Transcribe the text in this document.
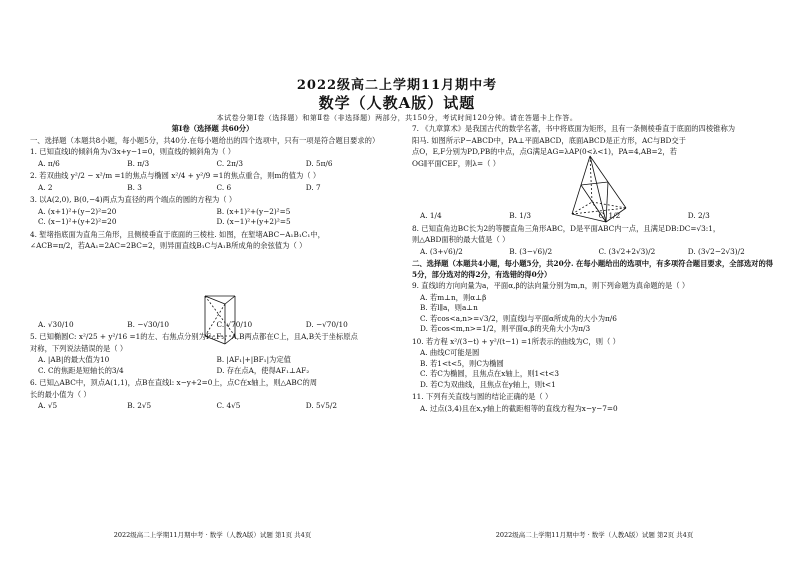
2022级高二上学期11月期中考
数学（人教A版）试题
本试卷分第Ⅰ卷（选择题）和第Ⅱ卷（非选择题）两部分，共150分，考试时间120分钟。请在答题卡上作答。
第Ⅰ卷（选择题 共60分）
一、选择题（本题共8小题，每小题5分，共40分.在每小题给出的四个选项中，只有一项是符合题目要求的）
1. 已知直线l的倾斜角为√3x+y−1=0，则直线的倾斜角为（ ）
A. π/6	B. π/3	C. 2π/3	D. 5π/6
2. 若双曲线 y²/2 − x²/m =1的焦点与椭圆 x²/4 + y²/9 =1的焦点重合，则m的值为（ ）
A. 2	B. 3	C. 6	D. 7
3. 以A(2,0), B(0,−4)两点为直径的两个端点的圆的方程为（ ）
A. (x+1)²+(y−2)²=20	B. (x+1)²+(y−2)²=5
C. (x−1)²+(y+2)²=20	D. (x−1)²+(y+2)²=5
4. 堑堵指底面为直角三角形，且侧棱垂直于底面的三棱柱. 如图，在堑堵ABC−A₁B₁C₁中，
∠ACB=π/2，若AA₁=2AC=2BC=2，则异面直线B₁C与A₁B所成角的余弦值为（ ）
A. √30/10	B. −√30/10	C. √70/10	D. −√70/10
5. 已知椭圆C: x²/25 + y²/16 =1的左、右焦点分别为F₁,F₂，A,B两点都在C上，且A,B关于坐标原点
对称，下列说法错误的是（ ）
A. |AB|的最大值为10	B. |AF₁|+|BF₁|为定值
C. C的焦距是短轴长的3/4	D. 存在点A，使得AF₁⊥AF₂
6. 已知△ABC中，顶点A(1,1)，点B在直线l: x−y+2=0上，点C在x轴上，则△ABC的周
长的最小值为（ ）
A. √5	B. 2√5	C. 4√5	D. 5√5/2
7. 《九章算术》是我国古代的数学名著，书中将底面为矩形，且有一条侧棱垂直于底面的四棱锥称为
阳马. 如图所示P−ABCD中，PA⊥平面ABCD，底面ABCD是正方形，AC与BD交于
点O，E,F分别为PD,PB的中点，点G满足AG=λAP(0<λ<1)，PA=4,AB=2，若
OG∥平面CEF，则λ=（ ）
A. 1/4	B. 1/3	C. 1/2	D. 2/3
8. 已知直角边BC长为2的等腰直角三角形ABC，D是平面ABC内一点，且满足DB:DC=√3:1，
则△ABD面积的最大值是（ ）
A. (3+√6)/2	B. (3−√6)/2	C. (3√2+2√3)/2	D. (3√2−2√3)/2
二、选择题（本题共4小题，每小题5分，共20分. 在每小题给出的选项中，有多项符合题目要求，全部选对的得5分，部分选对的得2分，有选错的得0分）
9. 直线l的方向向量为a，平面α,β的法向量分别为m,n，则下列命题为真命题的是（ ）
A. 若m⊥n，则α⊥β
B. 若l∥a，则a⊥n
C. 若cos<a,n>=√3/2，则直线l与平面α所成角的大小为π/6
D. 若cos<m,n>=1/2，则平面α,β的夹角大小为π/3
10. 若方程 x²/(3−t) + y²/(t−1) =1所表示的曲线为C，则（ ）
A. 曲线C可能是圆
B. 若1<t<5，则C为椭圆
C. 若C为椭圆，且焦点在x轴上，则1<t<3
D. 若C为双曲线，且焦点在y轴上，则t<1
11. 下列有关直线与圆的结论正确的是（ ）
A. 过点(3,4)且在x,y轴上的截距相等的直线方程为x−y−7=0
2022级高二上学期11月期中考 · 数学（人教A版）试题 第1页 共4页	2022级高二上学期11月期中考 · 数学（人教A版）试题 第2页 共4页
